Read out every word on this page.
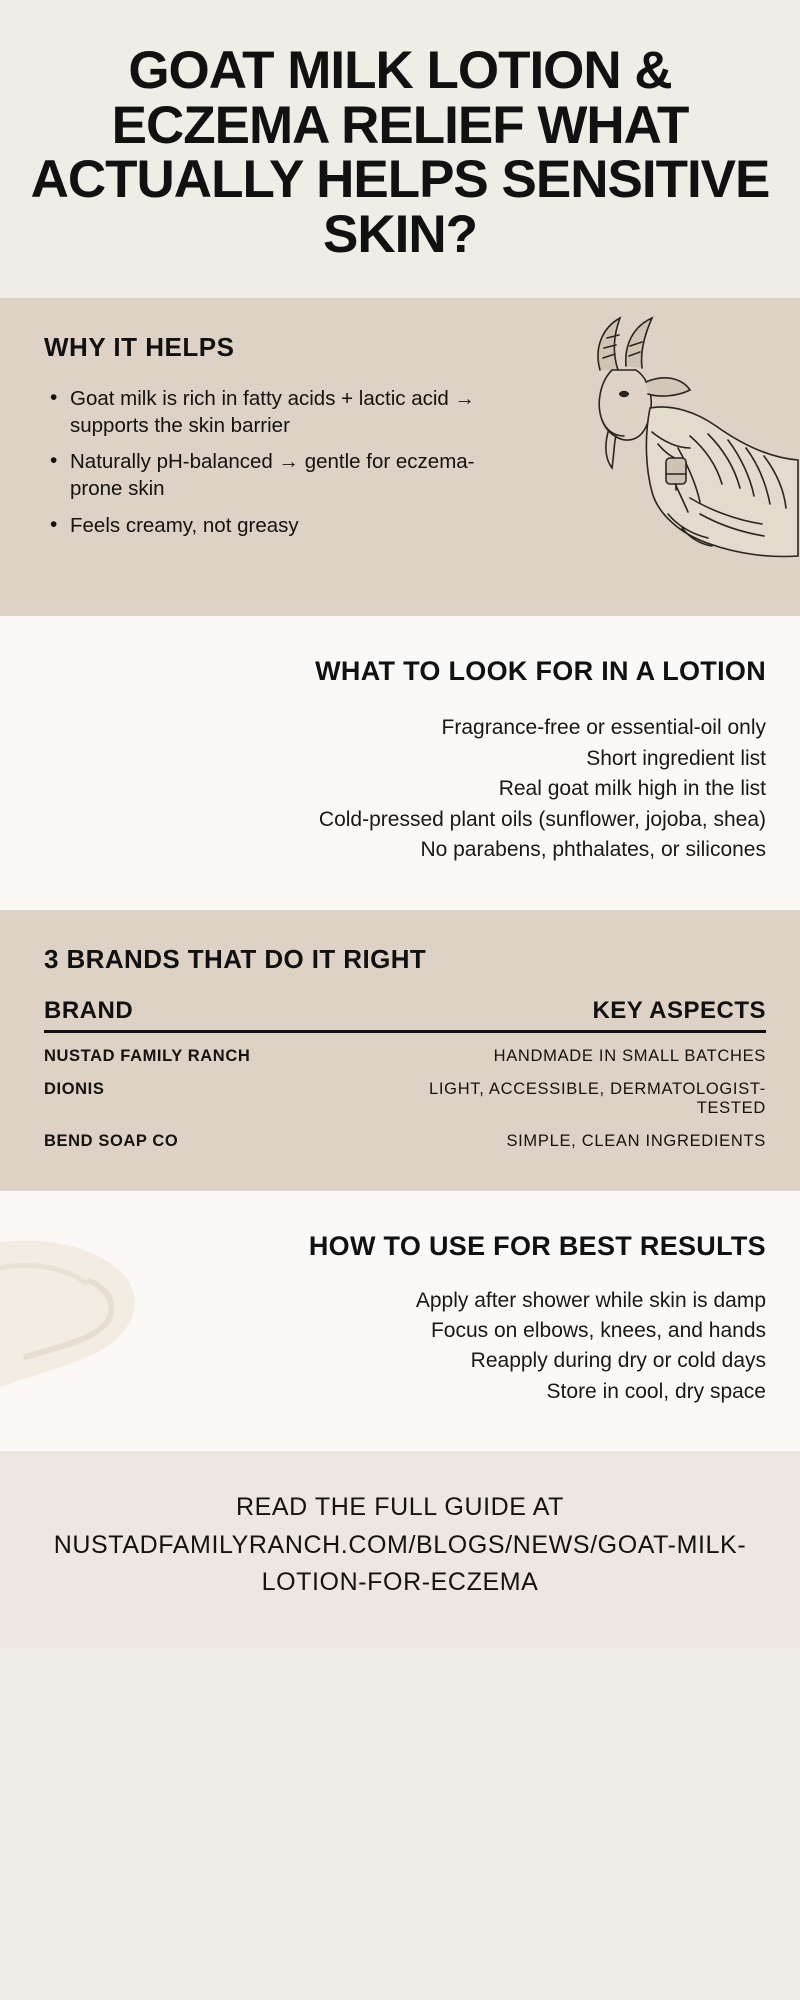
GOAT MILK LOTION & ECZEMA RELIEF WHAT ACTUALLY HELPS SENSITIVE SKIN?
WHY IT HELPS
• Goat milk is rich in fatty acids + lactic acid → supports the skin barrier
• Naturally pH-balanced → gentle for eczema-prone skin
• Feels creamy, not greasy
WHAT TO LOOK FOR IN A LOTION
Fragrance-free or essential-oil only
Short ingredient list
Real goat milk high in the list
Cold-pressed plant oils (sunflower, jojoba, shea)
No parabens, phthalates, or silicones
3 BRANDS THAT DO IT RIGHT
BRAND	KEY ASPECTS
NUSTAD FAMILY RANCH	HANDMADE IN SMALL BATCHES
DIONIS	LIGHT, ACCESSIBLE, DERMATOLOGIST-TESTED
BEND SOAP CO	SIMPLE, CLEAN INGREDIENTS
HOW TO USE FOR BEST RESULTS
Apply after shower while skin is damp
Focus on elbows, knees, and hands
Reapply during dry or cold days
Store in cool, dry space

READ THE FULL GUIDE AT NUSTADFAMILYRANCH.COM/BLOGS/NEWS/GOAT-MILK-LOTION-FOR-ECZEMA
